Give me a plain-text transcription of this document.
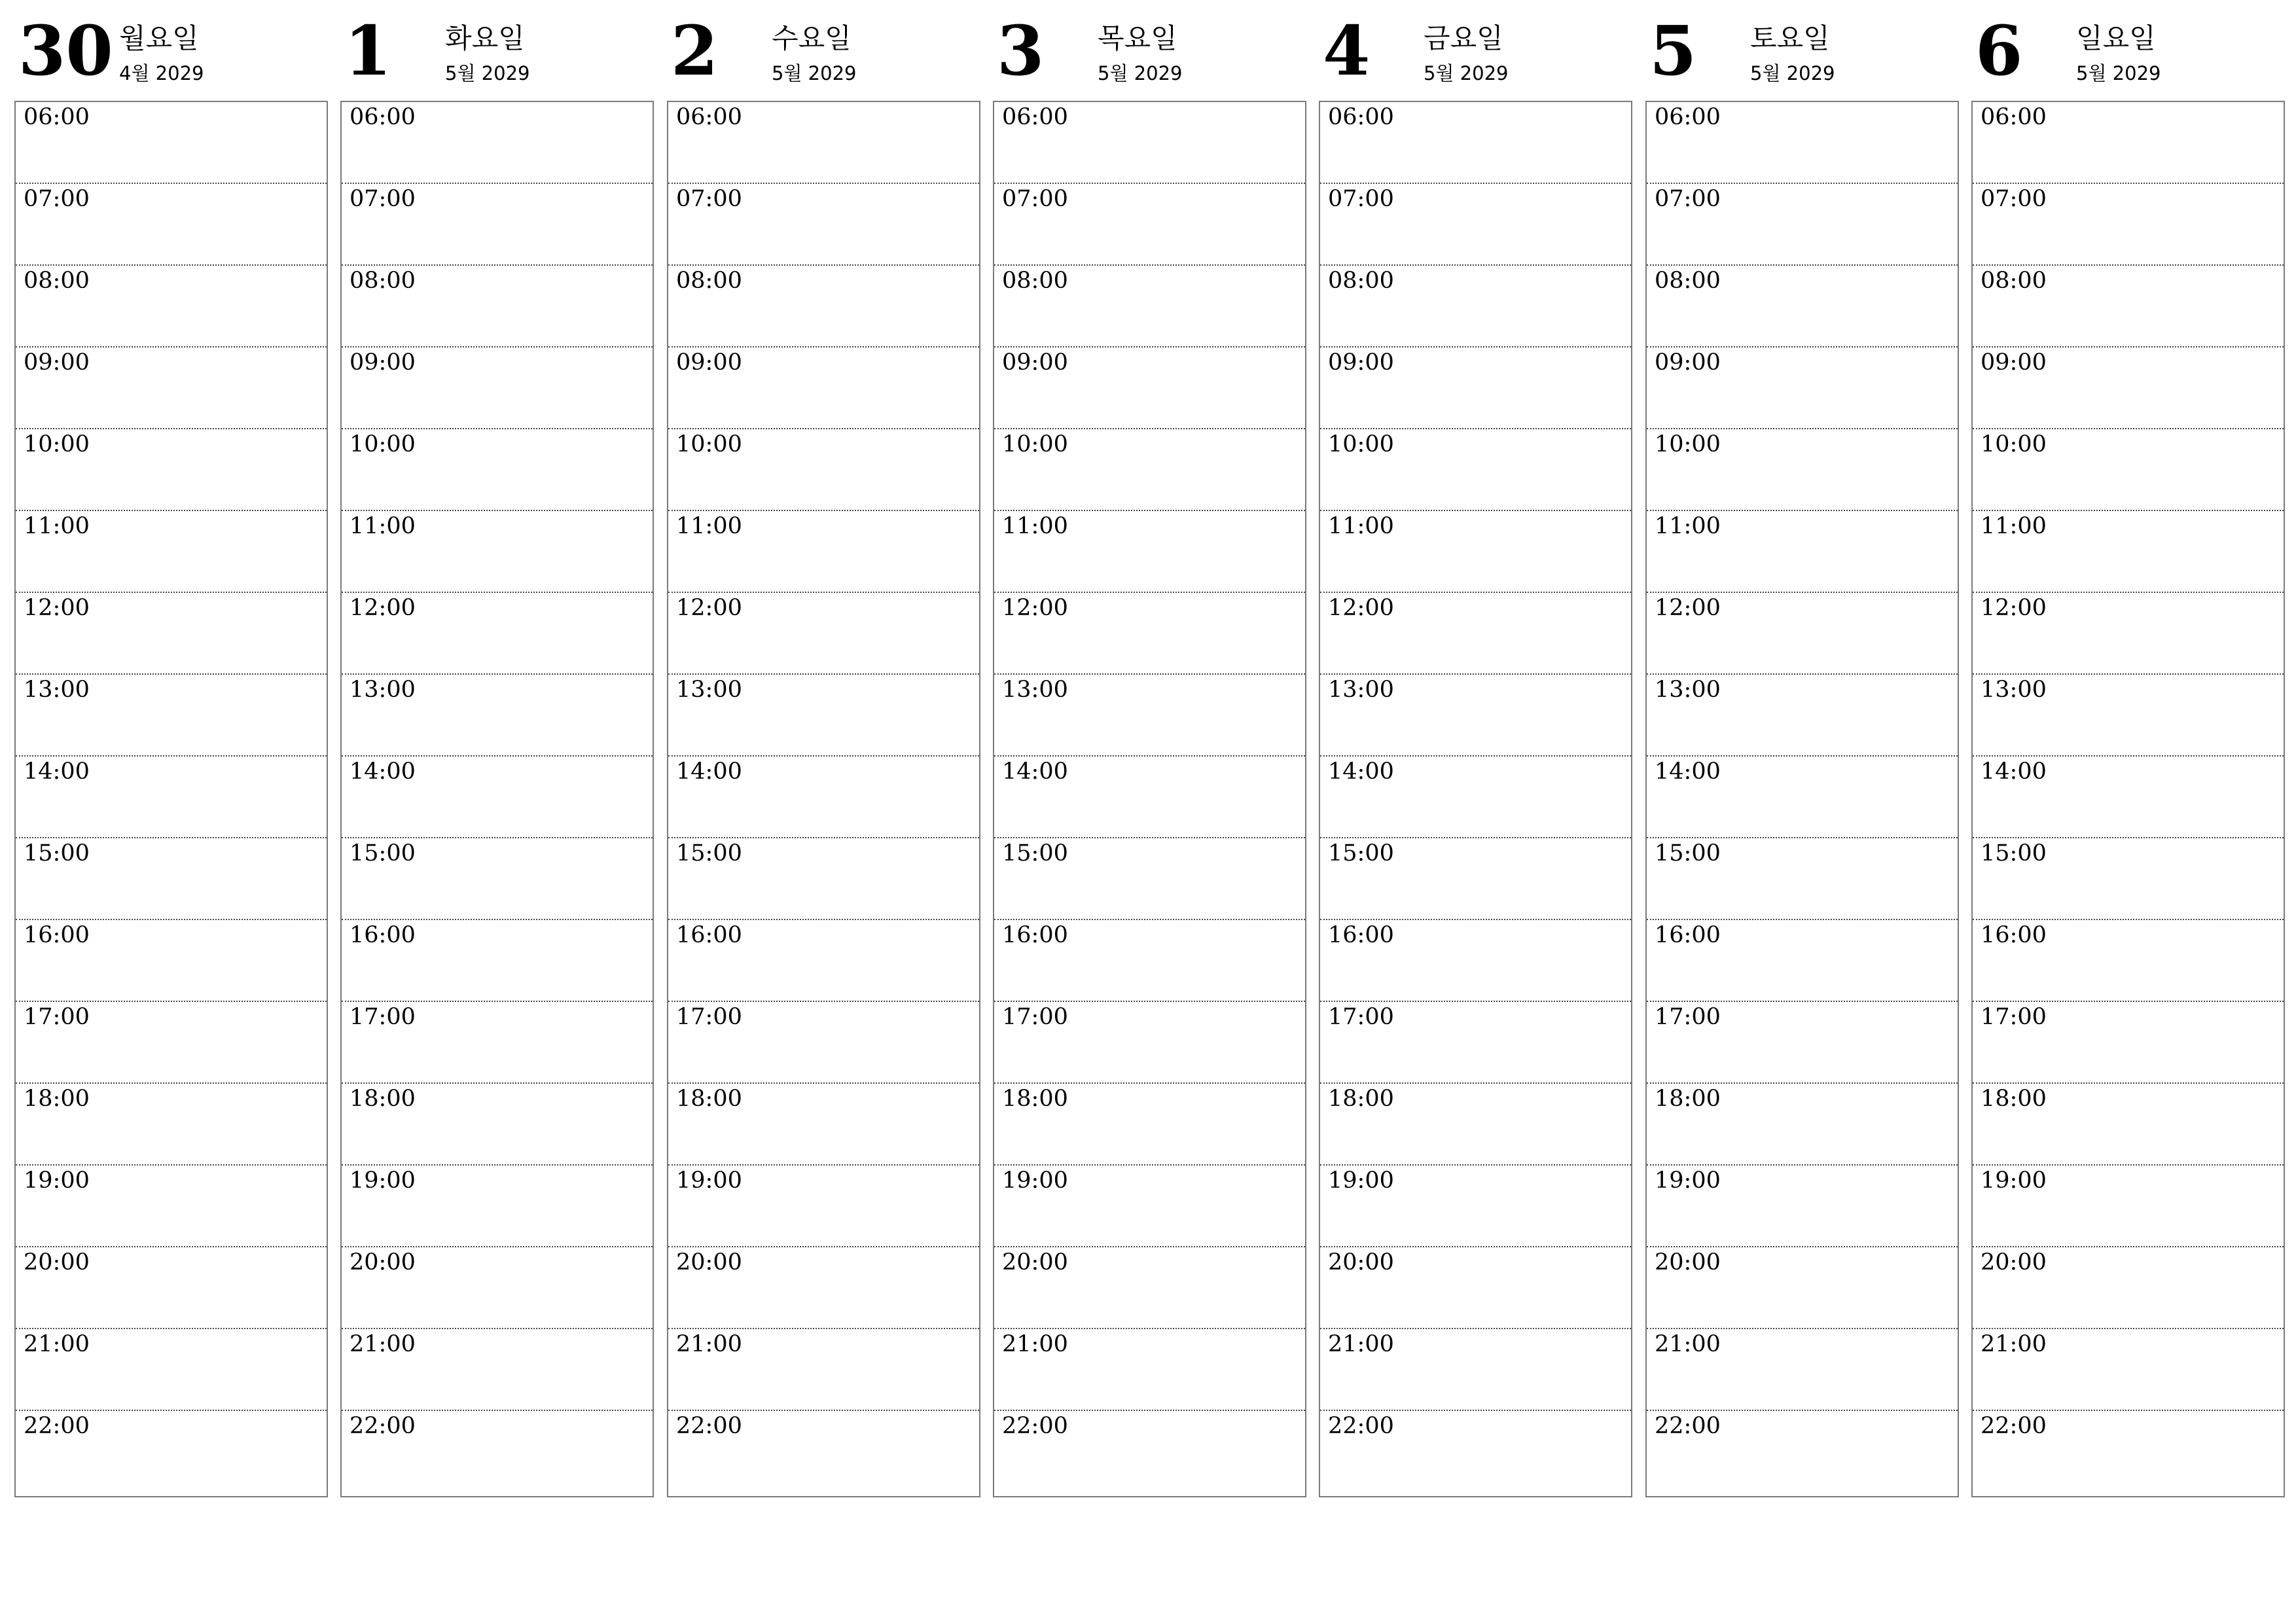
30 월요일
4월 2029
06:00
07:00
08:00
09:00
10:00
11:00
12:00
13:00
14:00
15:00
16:00
17:00
18:00
19:00
20:00
21:00
22:00
1 화요일
5월 2029
06:00
07:00
08:00
09:00
10:00
11:00
12:00
13:00
14:00
15:00
16:00
17:00
18:00
19:00
20:00
21:00
22:00
2 수요일
5월 2029
06:00
07:00
08:00
09:00
10:00
11:00
12:00
13:00
14:00
15:00
16:00
17:00
18:00
19:00
20:00
21:00
22:00
3 목요일
5월 2029
06:00
07:00
08:00
09:00
10:00
11:00
12:00
13:00
14:00
15:00
16:00
17:00
18:00
19:00
20:00
21:00
22:00
4 금요일
5월 2029
06:00
07:00
08:00
09:00
10:00
11:00
12:00
13:00
14:00
15:00
16:00
17:00
18:00
19:00
20:00
21:00
22:00
5 토요일
5월 2029
06:00
07:00
08:00
09:00
10:00
11:00
12:00
13:00
14:00
15:00
16:00
17:00
18:00
19:00
20:00
21:00
22:00
6 일요일
5월 2029
06:00
07:00
08:00
09:00
10:00
11:00
12:00
13:00
14:00
15:00
16:00
17:00
18:00
19:00
20:00
21:00
22:00
